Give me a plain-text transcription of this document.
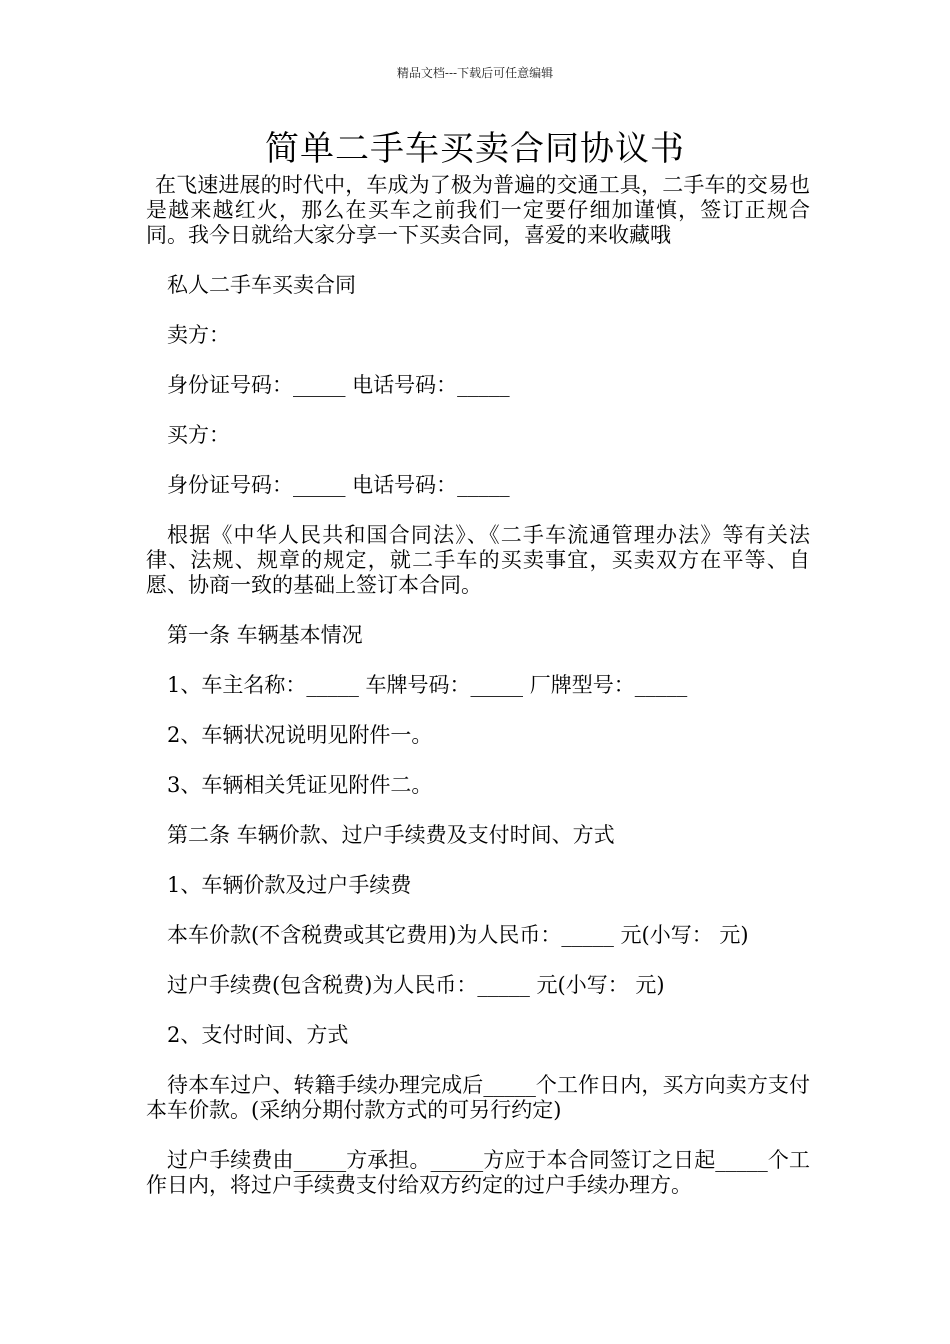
精品文档---下载后可任意编辑
简单二手车买卖合同协议书

在飞速进展的时代中，车成为了极为普遍的交通工具，二手车的交易也是越来越红火，那么在买车之前我们一定要仔细加谨慎，签订正规合同。我今日就给大家分享一下买卖合同，喜爱的来收藏哦

私人二手车买卖合同

卖方：

身份证号码：_____ 电话号码：_____

买方：

身份证号码：_____ 电话号码：_____

根据《中华人民共和国合同法》、《二手车流通管理办法》等有关法律、法规、规章的规定，就二手车的买卖事宜，买卖双方在平等、自愿、协商一致的基础上签订本合同。

第一条 车辆基本情况

1、车主名称：_____ 车牌号码：_____ 厂牌型号：_____

2、车辆状况说明见附件一。

3、车辆相关凭证见附件二。

第二条 车辆价款、过户手续费及支付时间、方式

1、车辆价款及过户手续费

本车价款(不含税费或其它费用)为人民币：_____ 元(小写： 元)

过户手续费(包含税费)为人民币：_____ 元(小写： 元)

2、支付时间、方式

待本车过户、转籍手续办理完成后_____个工作日内，买方向卖方支付本车价款。(采纳分期付款方式的可另行约定)

过户手续费由_____方承担。_____方应于本合同签订之日起_____个工作日内，将过户手续费支付给双方约定的过户手续办理方。
